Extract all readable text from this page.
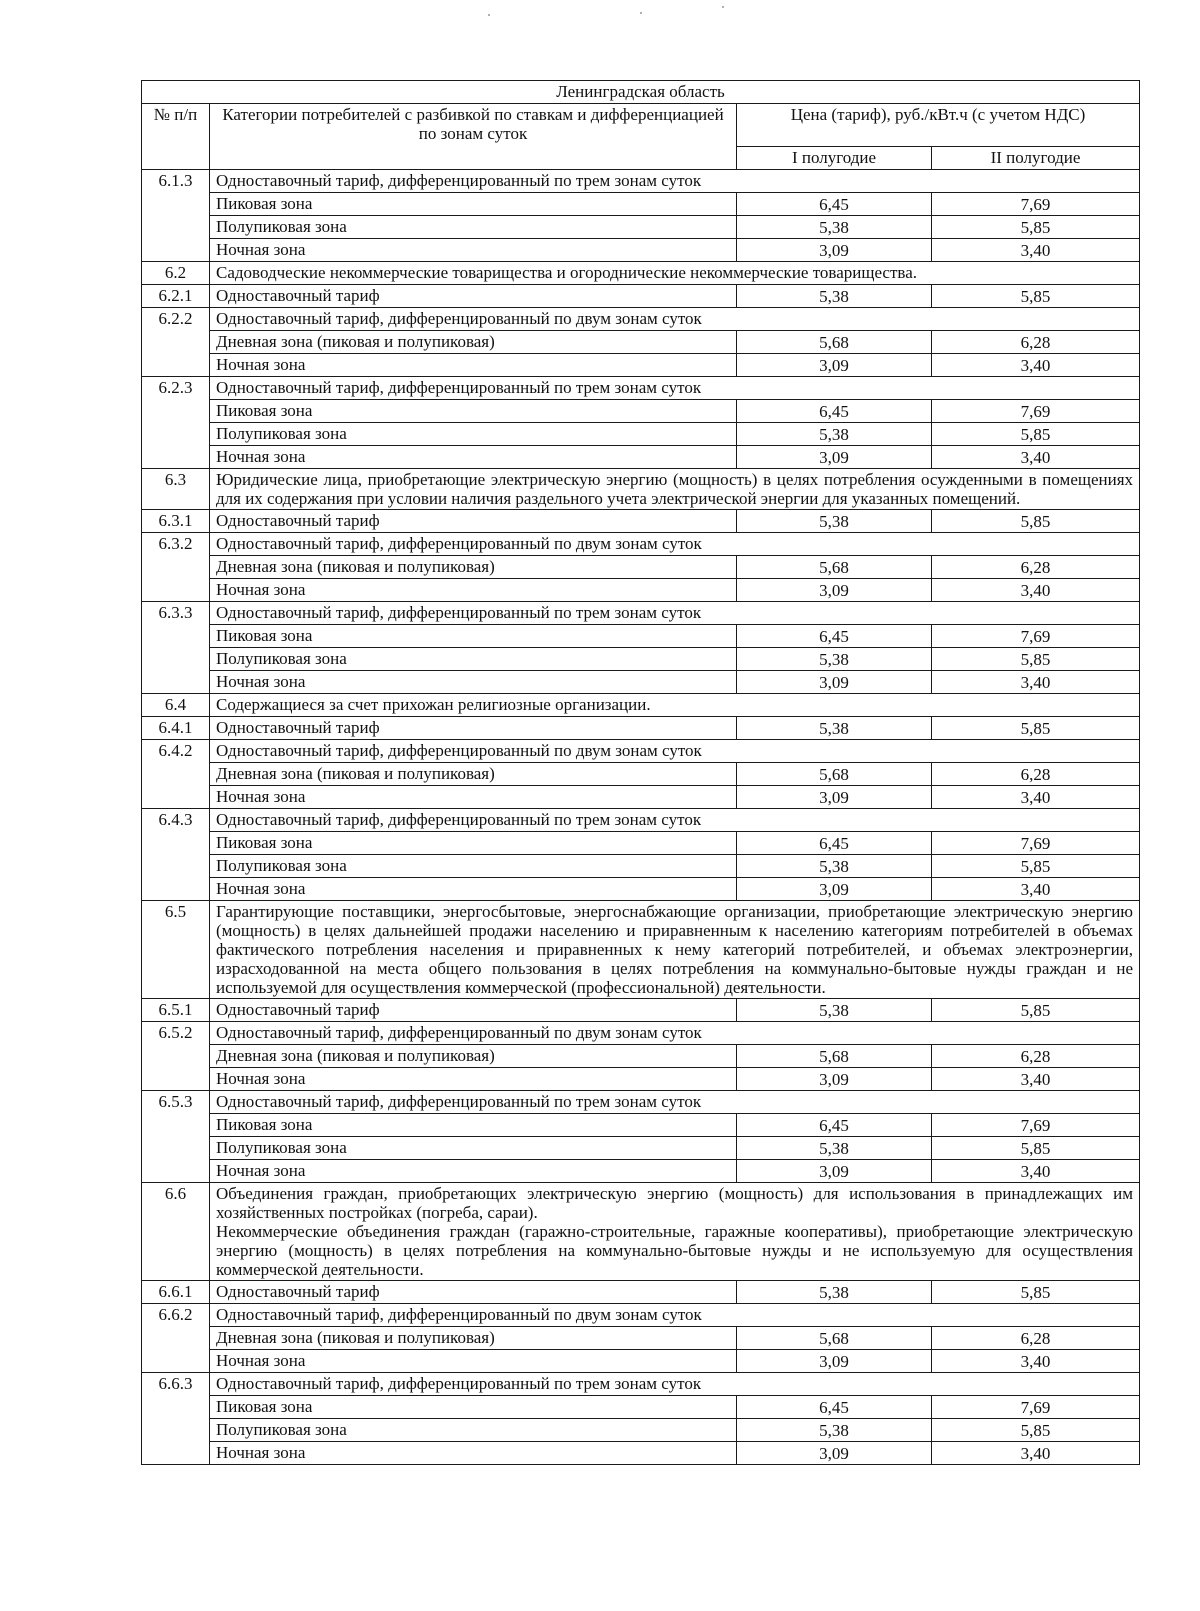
Ленинградская область			
№ п/п	Категории потребителей с разбивкой по ставкам и дифференциацией по зонам суток	Цена (тариф), руб./кВт.ч (с учетом НДС)	
		I полугодие	II полугодие
6.1.3	Одноставочный тариф, дифференцированный по трем зонам суток		
	Пиковая зона	6,45	7,69
	Полупиковая зона	5,38	5,85
	Ночная зона	3,09	3,40
6.2	Садоводческие некоммерческие товарищества и огороднические некоммерческие товарищества.		
6.2.1	Одноставочный тариф	5,38	5,85
6.2.2	Одноставочный тариф, дифференцированный по двум зонам суток		
	Дневная зона (пиковая и полупиковая)	5,68	6,28
	Ночная зона	3,09	3,40
6.2.3	Одноставочный тариф, дифференцированный по трем зонам суток		
	Пиковая зона	6,45	7,69
	Полупиковая зона	5,38	5,85
	Ночная зона	3,09	3,40
6.3	Юридические лица, приобретающие электрическую энергию (мощность) в целях потребления осужденными в помещениях для их содержания при условии наличия раздельного учета электрической энергии для указанных помещений.		

6.3.1	Одноставочный тариф	5,38	5,85
6.3.2	Одноставочный тариф, дифференцированный по двум зонам суток		
	Дневная зона (пиковая и полупиковая)	5,68	6,28
	Ночная зона	3,09	3,40
6.3.3	Одноставочный тариф, дифференцированный по трем зонам суток		
	Пиковая зона	6,45	7,69
	Полупиковая зона	5,38	5,85
	Ночная зона	3,09	3,40
6.4	Содержащиеся за счет прихожан религиозные организации.		
6.4.1	Одноставочный тариф	5,38	5,85
6.4.2	Одноставочный тариф, дифференцированный по двум зонам суток		
	Дневная зона (пиковая и полупиковая)	5,68	6,28
	Ночная зона	3,09	3,40
6.4.3	Одноставочный тариф, дифференцированный по трем зонам суток		
	Пиковая зона	6,45	7,69
	Полупиковая зона	5,38	5,85
	Ночная зона	3,09	3,40
6.5	Гарантирующие поставщики, энергосбытовые, энергоснабжающие организации, приобретающие электрическую энергию (мощность) в целях дальнейшей продажи населению и приравненным к населению категориям потребителей в объемах фактического потребления населения и приравненных к нему категорий потребителей, и объемах электроэнергии, израсходованной на места общего пользования в целях потребления на коммунально-бытовые нужды граждан и не используемой для осуществления коммерческой (профессиональной) деятельности.		

6.5.1	Одноставочный тариф	5,38	5,85
6.5.2	Одноставочный тариф, дифференцированный по двум зонам суток		
	Дневная зона (пиковая и полупиковая)	5,68	6,28
	Ночная зона	3,09	3,40
6.5.3	Одноставочный тариф, дифференцированный по трем зонам суток		
	Пиковая зона	6,45	7,69
	Полупиковая зона	5,38	5,85
	Ночная зона	3,09	3,40
6.6	Объединения граждан, приобретающих электрическую энергию (мощность) для использования в принадлежащих им хозяйственных постройках (погреба, сараи).
Некоммерческие объединения граждан (гаражно-строительные, гаражные кооперативы), приобретающие электрическую энергию (мощность) в целях потребления на коммунально-бытовые нужды и не используемую для осуществления коммерческой деятельности.		

6.6.1	Одноставочный тариф	5,38	5,85
6.6.2	Одноставочный тариф, дифференцированный по двум зонам суток		
	Дневная зона (пиковая и полупиковая)	5,68	6,28
	Ночная зона	3,09	3,40
6.6.3	Одноставочный тариф, дифференцированный по трем зонам суток		
	Пиковая зона	6,45	7,69
	Полупиковая зона	5,38	5,85
	Ночная зона	3,09	3,40
